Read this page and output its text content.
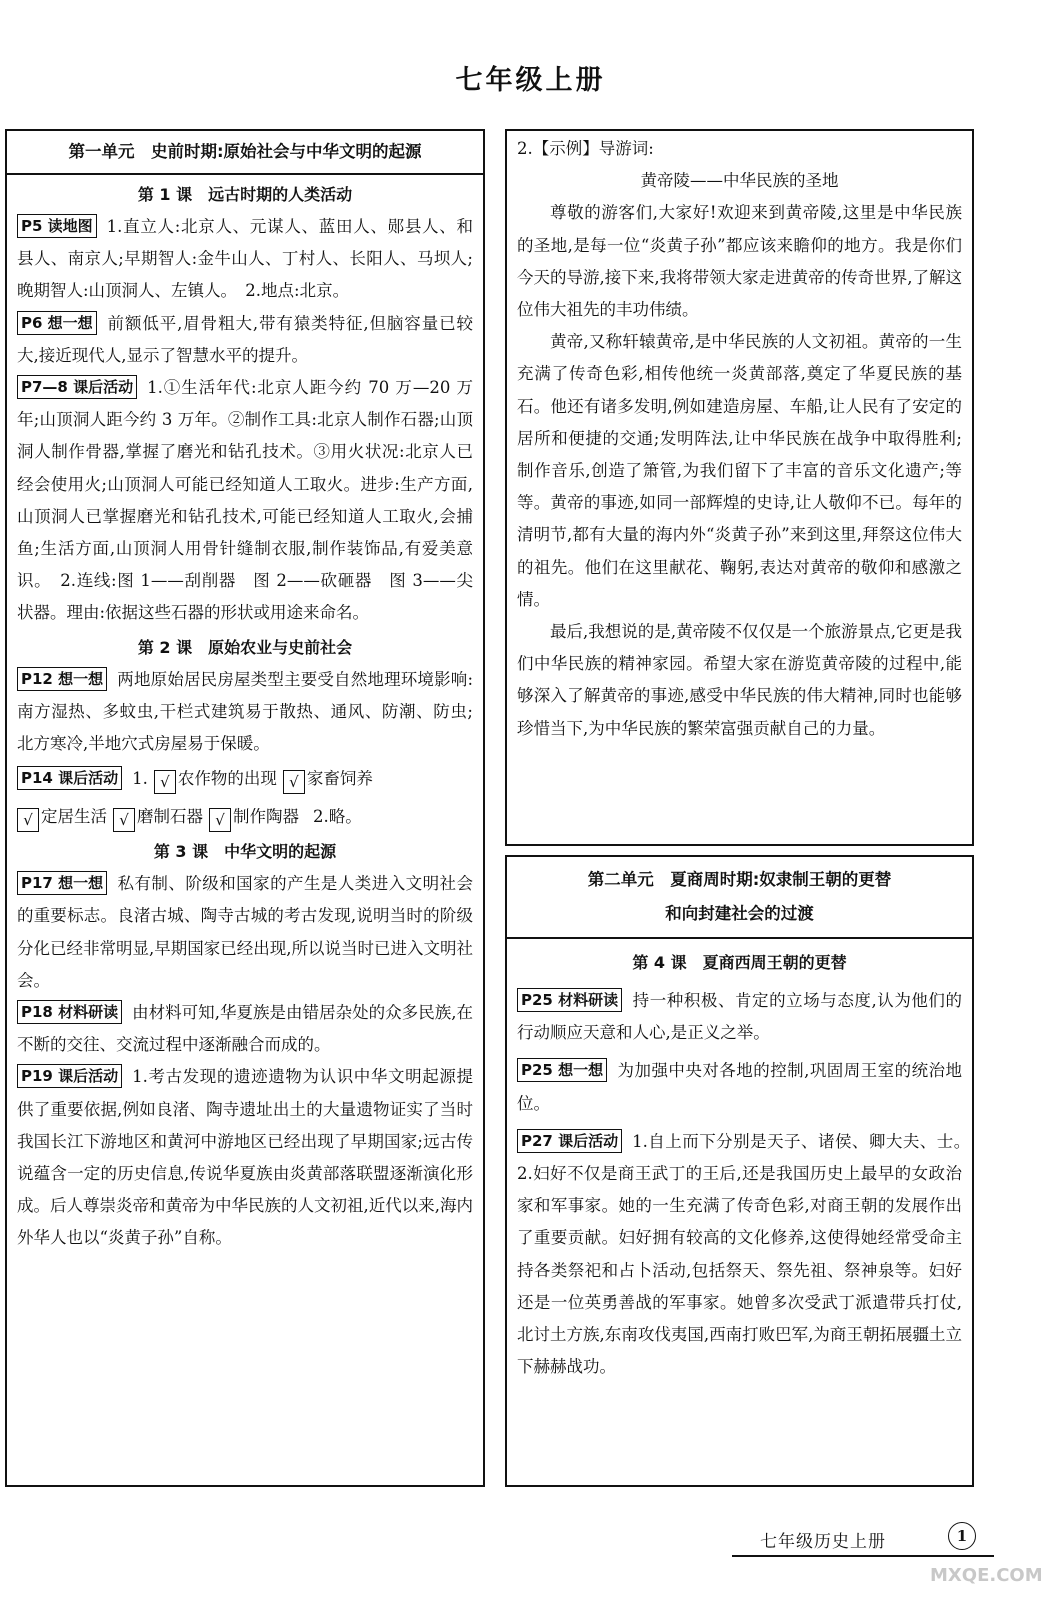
七年级上册
第一单元　史前时期:原始社会与中华文明的起源
第 1 课　远古时期的人类活动
P5 读地图 1.直立人:北京人、元谋人、蓝田人、郧县人、和县人、南京人;早期智人:金牛山人、丁村人、长阳人、马坝人;晚期智人:山顶洞人、左镇人。　2.地点:北京。
P6 想一想 前额低平,眉骨粗大,带有猿类特征,但脑容量已较大,接近现代人,显示了智慧水平的提升。
P7—8 课后活动 1.①生活年代:北京人距今约 70 万—20 万年;山顶洞人距今约 3 万年。②制作工具:北京人制作石器;山顶洞人制作骨器,掌握了磨光和钻孔技术。③用火状况:北京人已经会使用火;山顶洞人可能已经知道人工取火。进步:生产方面,山顶洞人已掌握磨光和钻孔技术,可能已经知道人工取火,会捕鱼;生活方面,山顶洞人用骨针缝制衣服,制作装饰品,有爱美意识。　2.连线:图 1——刮削器　图 2——砍砸器　图 3——尖状器。理由:依据这些石器的形状或用途来命名。
第 2 课　原始农业与史前社会
P12 想一想 两地原始居民房屋类型主要受自然地理环境影响:南方湿热、多蚊虫,干栏式建筑易于散热、通风、防潮、防虫;北方寒冷,半地穴式房屋易于保暖。
P14 课后活动 1. √ 农作物的出现 √ 家畜饲养
√ 定居生活 √ 磨制石器 √ 制作陶器 2.略。
第 3 课　中华文明的起源
P17 想一想 私有制、阶级和国家的产生是人类进入文明社会的重要标志。良渚古城、陶寺古城的考古发现,说明当时的阶级分化已经非常明显,早期国家已经出现,所以说当时已进入文明社会。
P18 材料研读 由材料可知,华夏族是由错居杂处的众多民族,在不断的交往、交流过程中逐渐融合而成的。
P19 课后活动 1.考古发现的遗迹遗物为认识中华文明起源提供了重要依据,例如良渚、陶寺遗址出土的大量遗物证实了当时我国长江下游地区和黄河中游地区已经出现了早期国家;远古传说蕴含一定的历史信息,传说华夏族由炎黄部落联盟逐渐演化形成。后人尊崇炎帝和黄帝为中华民族的人文初祖,近代以来,海内外华人也以“炎黄子孙”自称。
2.【示例】导游词:
黄帝陵——中华民族的圣地
尊敬的游客们,大家好!欢迎来到黄帝陵,这里是中华民族的圣地,是每一位“炎黄子孙”都应该来瞻仰的地方。我是你们今天的导游,接下来,我将带领大家走进黄帝的传奇世界,了解这位伟大祖先的丰功伟绩。
黄帝,又称轩辕黄帝,是中华民族的人文初祖。黄帝的一生充满了传奇色彩,相传他统一炎黄部落,奠定了华夏民族的基石。他还有诸多发明,例如建造房屋、车船,让人民有了安定的居所和便捷的交通;发明阵法,让中华民族在战争中取得胜利;制作音乐,创造了箫管,为我们留下了丰富的音乐文化遗产;等等。黄帝的事迹,如同一部辉煌的史诗,让人敬仰不已。每年的清明节,都有大量的海内外“炎黄子孙”来到这里,拜祭这位伟大的祖先。他们在这里献花、鞠躬,表达对黄帝的敬仰和感激之情。
最后,我想说的是,黄帝陵不仅仅是一个旅游景点,它更是我们中华民族的精神家园。希望大家在游览黄帝陵的过程中,能够深入了解黄帝的事迹,感受中华民族的伟大精神,同时也能够珍惜当下,为中华民族的繁荣富强贡献自己的力量。
第二单元　夏商周时期:奴隶制王朝的更替
和向封建社会的过渡
第 4 课　夏商西周王朝的更替
P25 材料研读 持一种积极、肯定的立场与态度,认为他们的行动顺应天意和人心,是正义之举。
P25 想一想 为加强中央对各地的控制,巩固周王室的统治地位。
P27 课后活动 1.自上而下分别是天子、诸侯、卿大夫、士。　2.妇好不仅是商王武丁的王后,还是我国历史上最早的女政治家和军事家。她的一生充满了传奇色彩,对商王朝的发展作出了重要贡献。妇好拥有较高的文化修养,这使得她经常受命主持各类祭祀和占卜活动,包括祭天、祭先祖、祭神泉等。妇好还是一位英勇善战的军事家。她曾多次受武丁派遣带兵打仗,北讨土方族,东南攻伐夷国,西南打败巴军,为商王朝拓展疆土立下赫赫战功。
七年级历史上册	1
MXQE.COM
